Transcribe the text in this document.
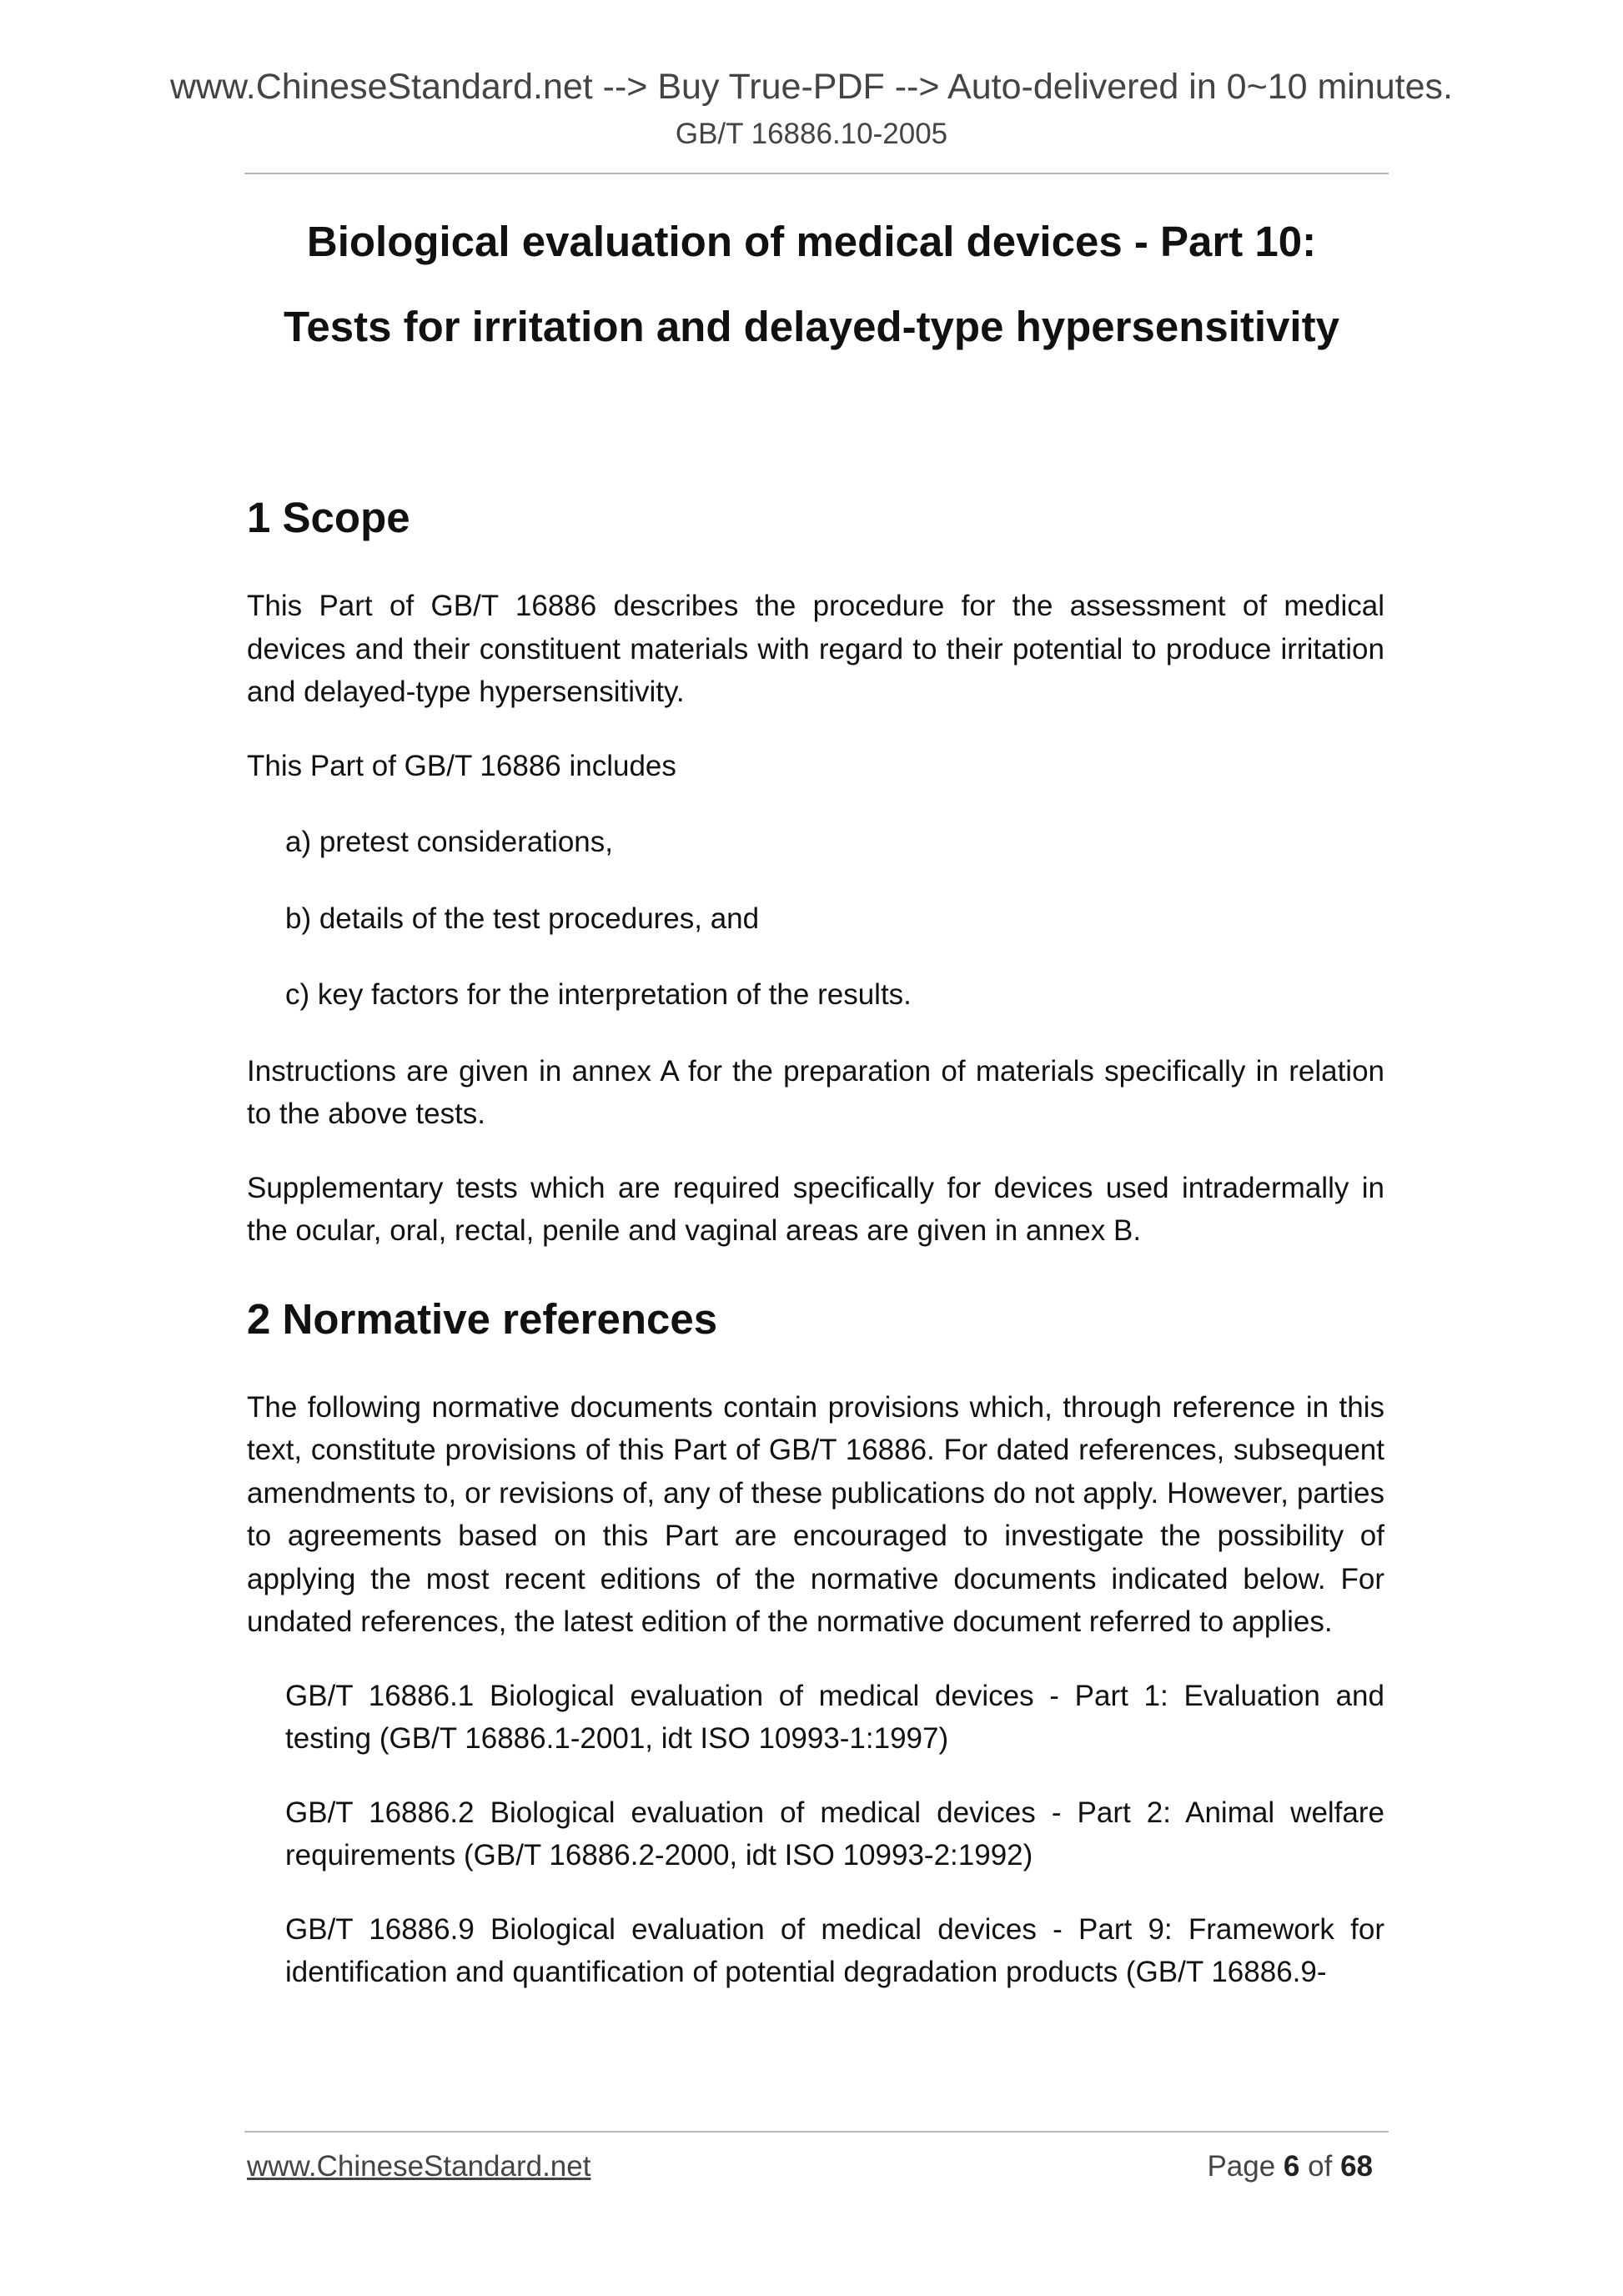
www.ChineseStandard.net --> Buy True-PDF --> Auto-delivered in 0~10 minutes.
GB/T 16886.10-2005
Biological evaluation of medical devices - Part 10:
Tests for irritation and delayed-type hypersensitivity
1 Scope

This Part of GB/T 16886 describes the procedure for the assessment of medical devices and their constituent materials with regard to their potential to produce irritation and delayed-type hypersensitivity.

This Part of GB/T 16886 includes

a) pretest considerations,

b) details of the test procedures, and

c) key factors for the interpretation of the results.

Instructions are given in annex A for the preparation of materials specifically in relation to the above tests.

Supplementary tests which are required specifically for devices used intradermally in the ocular, oral, rectal, penile and vaginal areas are given in annex B.

2 Normative references

The following normative documents contain provisions which, through reference in this text, constitute provisions of this Part of GB/T 16886. For dated references, subsequent amendments to, or revisions of, any of these publications do not apply. However, parties to agreements based on this Part are encouraged to investigate the possibility of applying the most recent editions of the normative documents indicated below. For undated references, the latest edition of the normative document referred to applies.

GB/T 16886.1 Biological evaluation of medical devices - Part 1: Evaluation and testing (GB/T 16886.1-2001, idt ISO 10993-1:1997)

GB/T 16886.2 Biological evaluation of medical devices - Part 2: Animal welfare requirements (GB/T 16886.2-2000, idt ISO 10993-2:1992)

GB/T 16886.9 Biological evaluation of medical devices - Part 9: Framework for identification and quantification of potential degradation products (GB/T 16886.9-

www.ChineseStandard.net	Page 6 of 68
